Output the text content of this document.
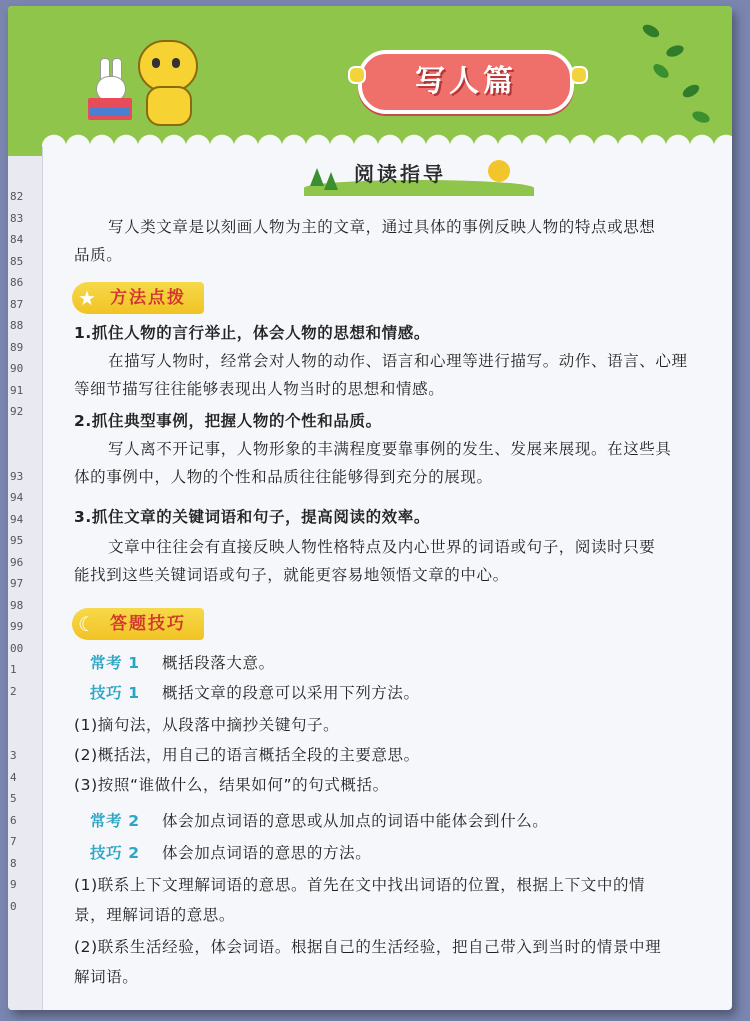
82
83
84
85
86
87
88
89
90
91
92

93
94
94
95
96
97
98
99
00
1
2

3
4
5
6
7
8
9
0
写人篇
阅读指导
写人类文章是以刻画人物为主的文章，通过具体的事例反映人物的特点或思想
品质。
★ 方法点拨
1.抓住人物的言行举止，体会人物的思想和情感。
在描写人物时，经常会对人物的动作、语言和心理等进行描写。动作、语言、心理
等细节描写往往能够表现出人物当时的思想和情感。
2.抓住典型事例，把握人物的个性和品质。
写人离不开记事，人物形象的丰满程度要靠事例的发生、发展来展现。在这些具
体的事例中，人物的个性和品质往往能够得到充分的展现。
3.抓住文章的关键词语和句子，提高阅读的效率。
文章中往往会有直接反映人物性格特点及内心世界的词语或句子，阅读时只要
能找到这些关键词语或句子，就能更容易地领悟文章的中心。
☾ 答题技巧
常考 1 概括段落大意。
技巧 1 概括文章的段意可以采用下列方法。
(1)摘句法，从段落中摘抄关键句子。
(2)概括法，用自己的语言概括全段的主要意思。
(3)按照“谁做什么，结果如何”的句式概括。
常考 2 体会加点词语的意思或从加点的词语中能体会到什么。
技巧 2 体会加点词语的意思的方法。
(1)联系上下文理解词语的意思。首先在文中找出词语的位置，根据上下文中的情
景，理解词语的意思。
(2)联系生活经验，体会词语。根据自己的生活经验，把自己带入到当时的情景中理
解词语。
